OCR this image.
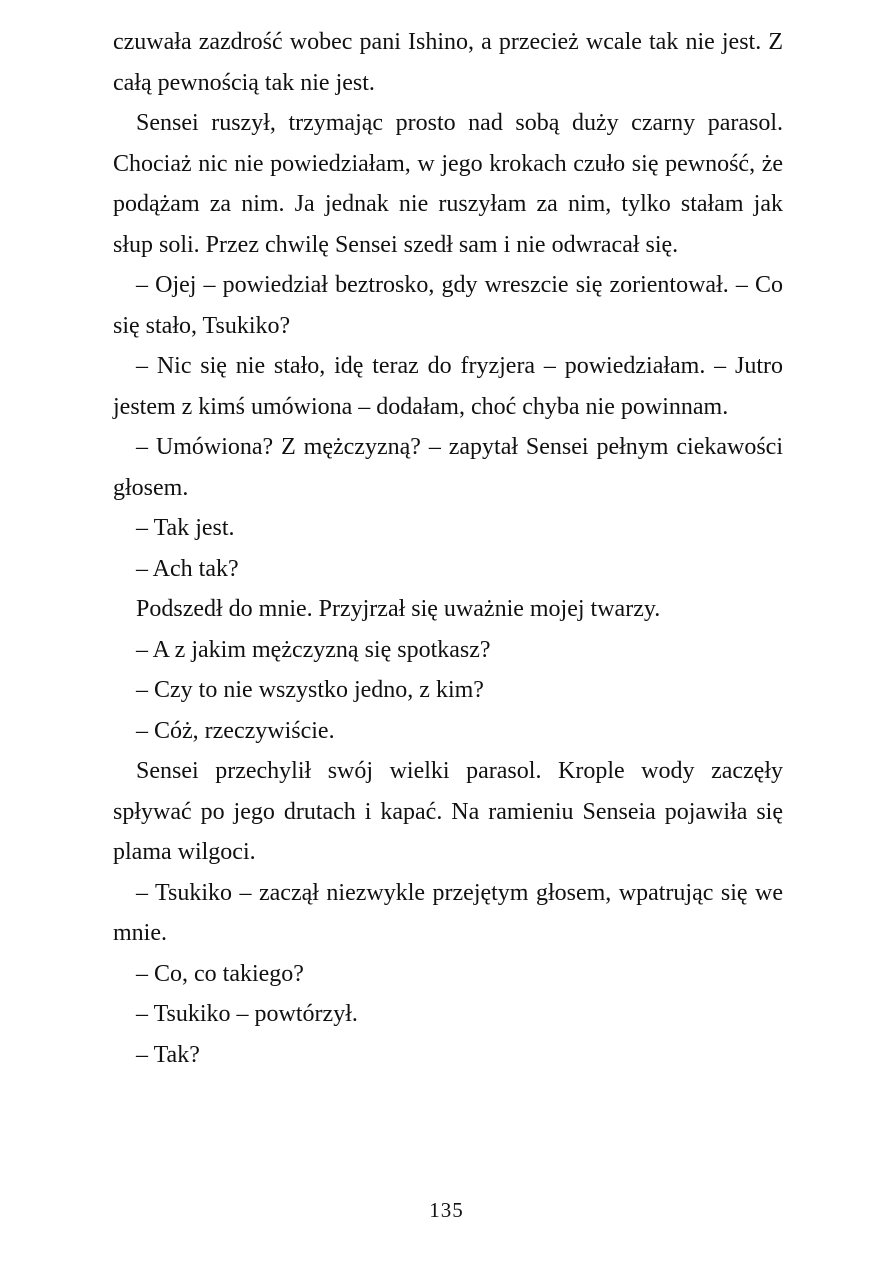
czuwała zazdrość wobec pani Ishino, a przecież wcale tak nie jest. Z całą pewnością tak nie jest.

Sensei ruszył, trzymając prosto nad sobą duży czarny parasol. Chociaż nic nie powiedziałam, w jego krokach czuło się pewność, że podążam za nim. Ja jednak nie ruszyłam za nim, tylko stałam jak słup soli. Przez chwilę Sensei szedł sam i nie odwracał się.

– Ojej – powiedział beztrosko, gdy wreszcie się zorientował. – Co się stało, Tsukiko?

– Nic się nie stało, idę teraz do fryzjera – powiedziałam. – Jutro jestem z kimś umówiona – dodałam, choć chyba nie powinnam.

– Umówiona? Z mężczyzną? – zapytał Sensei pełnym ciekawości głosem.

– Tak jest.

– Ach tak?

Podszedł do mnie. Przyjrzał się uważnie mojej twarzy.

– A z jakim mężczyzną się spotkasz?

– Czy to nie wszystko jedno, z kim?

– Cóż, rzeczywiście.

Sensei przechylił swój wielki parasol. Krople wody zaczęły spływać po jego drutach i kapać. Na ramieniu Senseia pojawiła się plama wilgoci.

– Tsukiko – zaczął niezwykle przejętym głosem, wpatrując się we mnie.

– Co, co takiego?

– Tsukiko – powtórzył.

– Tak?

135
